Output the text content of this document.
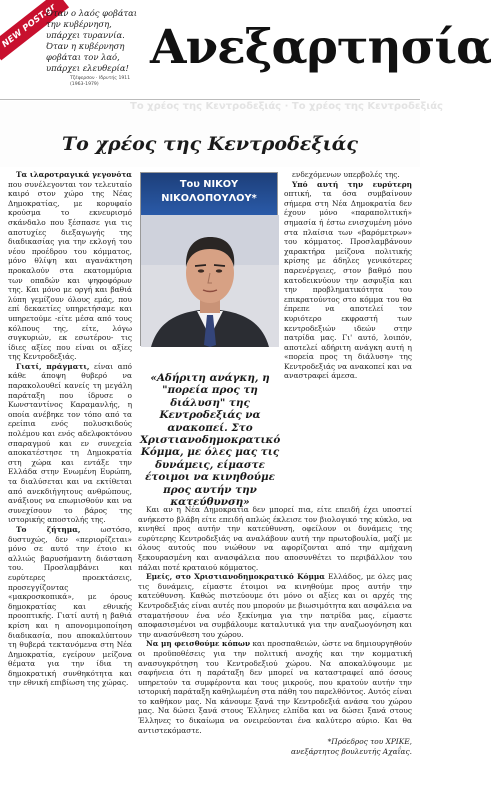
NEW POST.gr
Όταν ο λαός φοβάται την κυβέρνηση, υπάρχει τυραννία. Όταν η κυβέρνηση φοβάται τον λαό, υπάρχει ελευθερία!
Τζέφερσον · Ιδρυτής 1911 (1963-1979)
Ανεξαρτησία
Το χρέος της Κεντροδεξιάς · Το χρέος της Κεντροδεξιάς
Το χρέος της Κεντροδεξιάς

Τα ιλαροτραγικά γεγονότα που συνέλεγονται τον τελευταίο καιρό στον χώρο της Νέας Δημοκρατίας, με κορυφαίο κρούσμα το εκνευρισμό σκάνδαλο που ξέσπασε για τις αποτυχίες διεξαγωγής της διαδικασίας για την εκλογή του νέου προέδρου του κόμματος, μόνο θλίψη και αγανάκτηση προκαλούν στα εκατομμύρια των οπαδών και ψηφοφόρων της. Και μόνο με οργή και βαθιά λύπη γεμίζουν όλους εμάς, που επί δεκαετίες υπηρετήσαμε και υπηρετούμε -είτε μέσα από τους κόλπους της, είτε, λόγω συγκυριών, εκ εσωτέρου- τις ίδιες αξίες που είναι οι αξίες της Κεντροδεξιάς.

Γιατί, πράγματι, είναι από κάθε άποψη θυβερό να παρακολουθεί κανείς τη μεγάλη παράταξη που ίδρυσε ο Κωνσταντίνος Καραμανλής, η οποία ανέβηκε τον τόπο από τα ερείπια ενός πολυσκιδούς πολέμου και ενός αδελφοκτόνου σπαραγμού και εν συνεχεία αποκατέστησε τη Δημοκρατία στη χώρα και εντάξε την Ελλάδα στην Ενωμένη Ευρώπη, τα διαλύσεται και να εκτίθεται από ανεκδιήγητους ανθρώπους, ανάξιους να επωμισθούν και να συνεχίσουν το βάρος της ιστορικής αποστολής της.

Το ζήτημα, ωστόσο, δυστυχώς, δεν «περιορίζεται» μόνο σε αυτό την έτοιο κι αλλιώς βαρυσήμαντη διάσταση του. Προσλαμβάνει και ευρύτερες προεκτάσεις, προσεγγίζοντας «μακροσκοπικά», με όρους δημοκρατίας και εθνικής προοπτικής. Γιατί αυτή η βαθιά κρίση και η απονομιμοποίηση διαδικασία, που αποκαλύπτουν τη θυβερά τεκτανόμενα στη Νέα Δημοκρατία, εγείρουν μείζονα θέματα για την ίδια τη δημοκρατική συνθηκότητα και την εθνική επιβίωση της χώρας.

Του ΝΙΚΟΥ
ΝΙΚΟΛΟΠΟΥΛΟΥ*
«Αδήριτη ανάγκη, η "πορεία προς τη διάλυση" της Κεντροδεξιάς να ανακοπεί. Στο Χριστιανοδημοκρατικό Κόμμα, με όλες μας τις δυνάμεις, είμαστε έτοιμοι να κινηθούμε προς αυτήν την κατεύθυνση»

ενδεχόμενων υπερβολές της.

Υπό αυτή την ευρύτερη οπτική, τα όσα συμβαίνουν σήμερα στη Νέα Δημοκρατία δεν έχουν μόνο «παραπολιτική» σημασία ή έστω ενισχυμένη μόνο στα πλαίσια των «βαρόμετρων» του κόμματος. Προσλαμβάνουν χαρακτήρα μείζονα πολιτικής κρίσης με άδηλες γενικότερες παρενέργειες, στον βαθμό που κατοδεικνύουν την ασφυξία και την προβληματικότητα του επικρατούντος στο κόμμα του θα έπρεπε να αποτελεί τον κυριότερο εκφραστή των κεντροδεξιών ιδεών στην πατρίδα μας. Γι' αυτό, λοιπόν, αποτελεί αδήριτη ανάγκη αυτή η «πορεία προς τη διάλυση» της Κεντροδεξιάς να ανακοπεί και να αναστραφεί άμεσα.

Και αν η Νέα Δημοκρατία δεν μπορεί πια, είτε επειδή έχει υποστεί ανήκεστο βλάβη είτε επειδή απλώς έκλεισε τον βιολογικό της κύκλο, να κινηθεί προς αυτήν την κατεύθυνση, οφείλουν οι δυνάμεις της ευρύτερης Κεντροδεξιάς να αναλάβουν αυτή την πρωτοβουλία, μαζί με όλους αυτούς που νιώθουν να αφορίζονται από την αμήχανη ξεκουρασμένη και ανασφάλεια που αποσυνθέτει το περιβάλλον του πάλαι ποτέ κραταιού κόμματος.

Εμείς, στο Χριστιανοδημοκρατικό Κόμμα Ελλάδος, με όλες μας τις δυνάμεις, είμαστε έτοιμοι να κινηθούμε προς αυτήν την κατεύθυνση. Καθώς πιστεύουμε ότι μόνο οι αξίες και οι αρχές της Κεντροδεξιάς είναι αυτές που μπορούν με βιωσιμότητα και ασφάλεια να σταματήσουν ένα νέο ξεκίνημα για την πατρίδα μας, είμαστε αποφασισμένοι να συμβάλουμε καταλυτικά για την αναζωογόνηση και την ανασύνθεση του χώρου.

Να μη φεισθούμε κόπων και προσπαθειών, ώστε να δημιουργηθούν οι προϋποθέσεις για την πολιτική ανοχής και την κομματική ανασυγκρότηση του Κεντροδεξιού χώρου. Να αποκαλύψουμε με σαφήνεια ότι η παράταξη δεν μπορεί να καταστραφεί από όσους υπηρετούν τα συμφέροντα και τους μικρούς, που κρατούν αυτήν την ιστορική παράταξη καθηλωμένη στα πάθη του παρελθόντος. Αυτός είναι το καθήκον μας. Να κάνουμε ξανά την Κεντροδεξιά ανάσα του χώρου μας. Να δώσει ξανά στους Έλληνες ελπίδα και να δώσει ξανά στους Έλληνες το δικαίωμα να ονειρεύονται ένα καλύτερο αύριο. Και θα αντιστεκόμαστε.

*Πρόεδρος του ΧΡΙΚΕ,
ανεξάρτητος βουλευτής Αχαΐας.
